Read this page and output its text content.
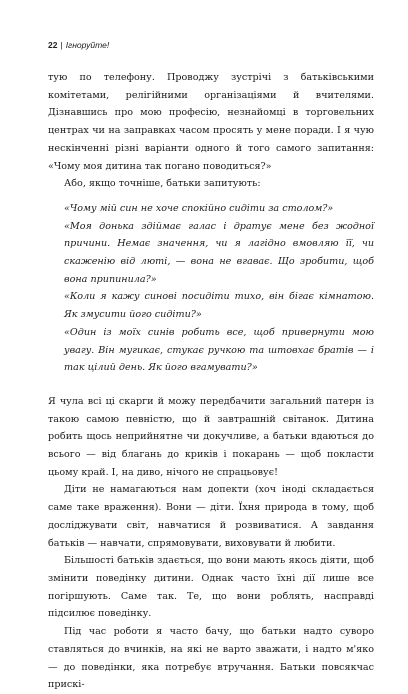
22 | Ігноруйте!

тую по телефону. Проводжу зустрічі з батьківськими комітетами, релігійними організаціями й вчителями. Дізнавшись про мою професію, незнайомці в торговельних центрах чи на заправках часом просять у мене поради. І я чую нескінченні різні варіанти одного й того самого запитання: «Чому моя дитина так погано поводиться?»

Або, якщо точніше, батьки запитують:

«Чому мій син не хоче спокійно сидіти за столом?»

«Моя донька здіймає галас і дратує мене без жодної причини. Немає значення, чи я лагідно вмовляю її, чи скаженію від люті, — вона не вгаває. Що зробити, щоб вона припинила?»

«Коли я кажу синові посидіти тихо, він бігає кімнатою. Як змусити його сидіти?»

«Один із моїх синів робить все, щоб привернути мою увагу. Він мугикає, стукає ручкою та штовхає братів — і так цілий день. Як його вгамувати?»

Я чула всі ці скарги й можу передбачити загальний патерн із такою самою певністю, що й завтрашній світанок. Дитина робить щось неприйнятне чи докучливе, а батьки вдаються до всього — від благань до криків і покарань — щоб покласти цьому край. І, на диво, нічого не спрацьовує!

Діти не намагаються нам допекти (хоч іноді складається саме таке враження). Вони — діти. Їхня природа в тому, щоб досліджувати світ, навчатися й розвиватися. А завдання батьків — навчати, спрямовувати, виховувати й любити.

Більшості батьків здається, що вони мають якось діяти, щоб змінити поведінку дитини. Однак часто їхні дії лише все погіршують. Саме так. Те, що вони роблять, насправді підсилює поведінку.

Під час роботи я часто бачу, що батьки надто суворо ставляться до вчинків, на які не варто зважати, і надто м'яко — до поведінки, яка потребує втручання. Батьки повсякчас прискі-
